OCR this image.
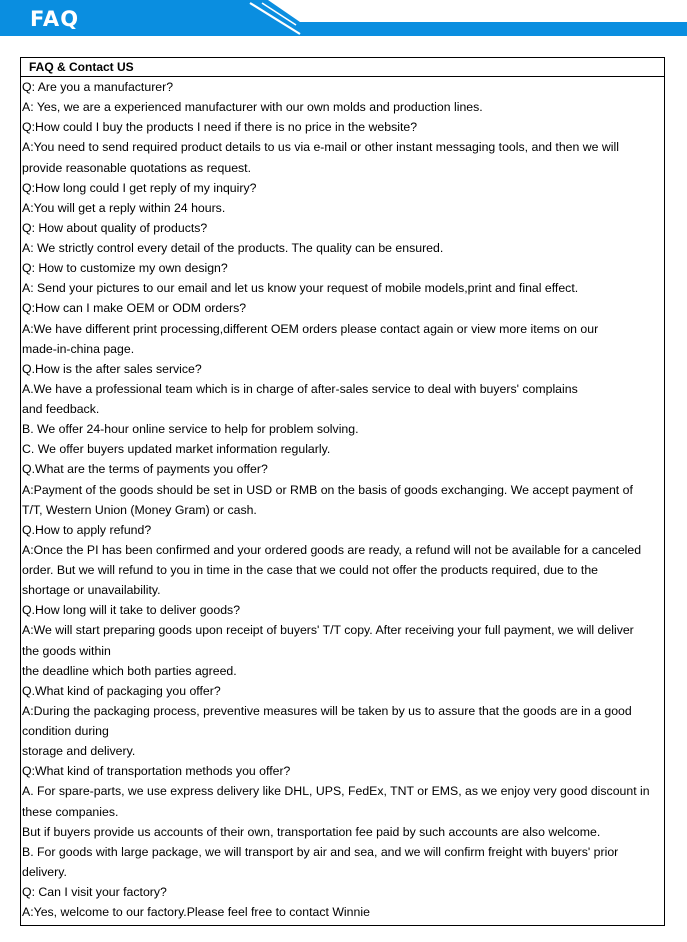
FAQ
FAQ & Contact US
Q: Are you a manufacturer?
A: Yes, we are a experienced manufacturer with our own molds and production lines.
Q:How could I buy the products I need if there is no price in the website?
A:You need to send required product details to us via e-mail or other instant messaging tools, and then we will
provide reasonable quotations as request.
Q:How long could I get reply of my inquiry?
A:You will get a reply within 24 hours.
Q: How about quality of products?
A: We strictly control every detail of the products. The quality can be ensured.
Q: How to customize my own design?
A: Send your pictures to our email and let us know your request of mobile models,print and final effect.
Q:How can I make OEM or ODM orders?
A:We have different print processing,different OEM orders please contact again or view more items on our
made-in-china page.
Q.How is the after sales service?
A.We have a professional team which is in charge of after-sales service to deal with buyers' complains
and feedback.
B. We offer 24-hour online service to help for problem solving.
C. We offer buyers updated market information regularly.
Q.What are the terms of payments you offer?
A:Payment of the goods should be set in USD or RMB on the basis of goods exchanging. We accept payment of
T/T, Western Union (Money Gram) or cash.
Q.How to apply refund?
A:Once the PI has been confirmed and your ordered goods are ready, a refund will not be available for a canceled
order. But we will refund to you in time in the case that we could not offer the products required, due to the
shortage or unavailability.
Q.How long will it take to deliver goods?
A:We will start preparing goods upon receipt of buyers' T/T copy. After receiving your full payment, we will deliver
the goods within
the deadline which both parties agreed.
Q.What kind of packaging you offer?
A:During the packaging process, preventive measures will be taken by us to assure that the goods are in a good
condition during
storage and delivery.
Q:What kind of transportation methods you offer?
A. For spare-parts, we use express delivery like DHL, UPS, FedEx, TNT or EMS, as we enjoy very good discount in
these companies.
But if buyers provide us accounts of their own, transportation fee paid by such accounts are also welcome.
B. For goods with large package, we will transport by air and sea, and we will confirm freight with buyers' prior
delivery.
Q: Can I visit your factory?
A:Yes, welcome to our factory.Please feel free to contact Winnie
